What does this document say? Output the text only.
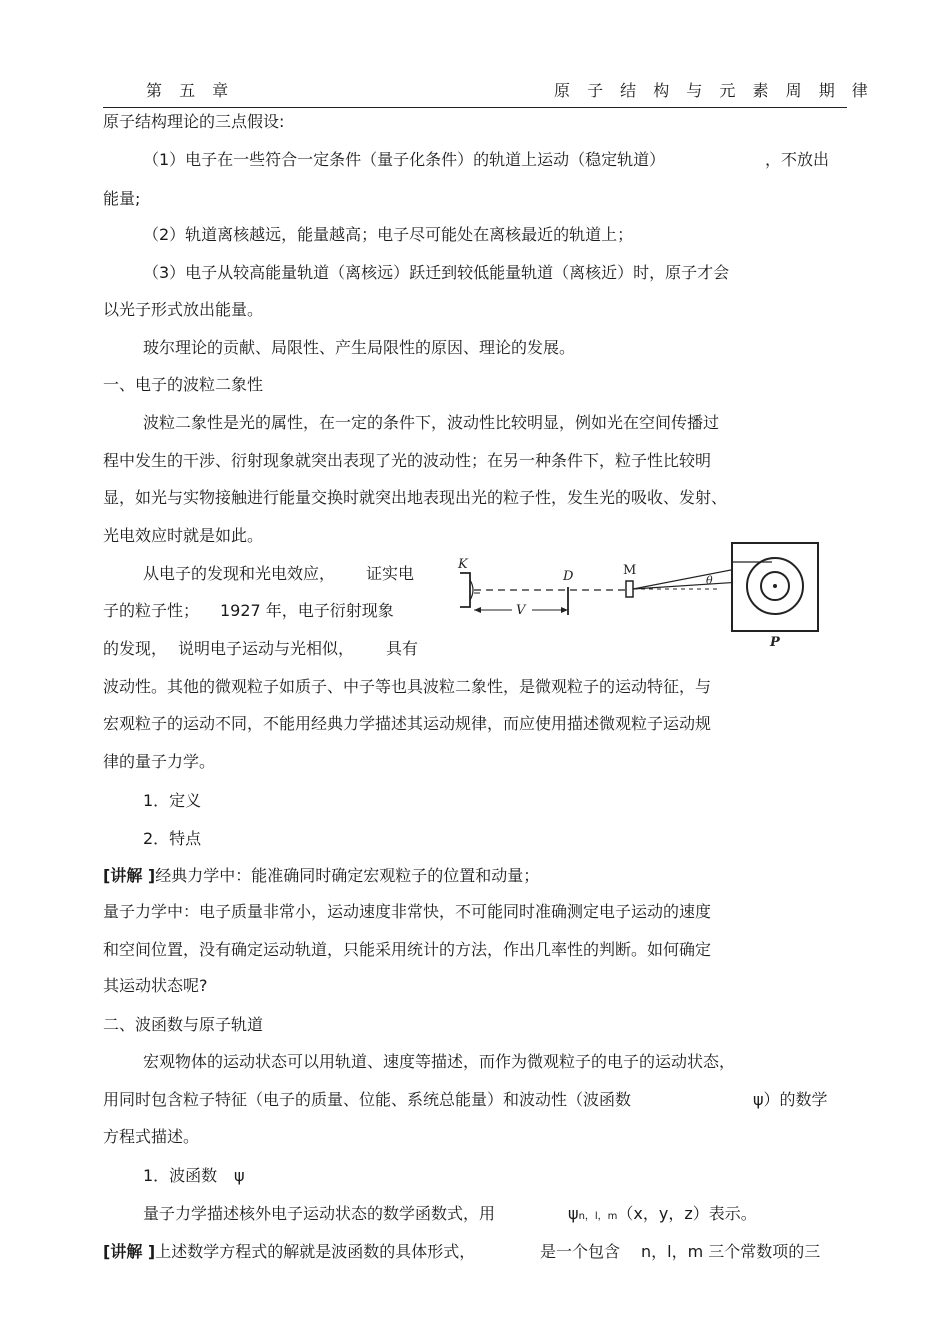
第 五 章	原 子 结 构 与 元 素 周 期 律
原子结构理论的三点假设:
（1）电子在一些符合一定条件（量子化条件）的轨道上运动（稳定轨道）	，不放出
能量;
（2）轨道离核越远，能量越高；电子尽可能处在离核最近的轨道上；
（3）电子从较高能量轨道（离核远）跃迁到较低能量轨道（离核近）时，原子才会
以光子形式放出能量。
玻尔理论的贡献、局限性、产生局限性的原因、理论的发展。
一、电子的波粒二象性
波粒二象性是光的属性，在一定的条件下，波动性比较明显，例如光在空间传播过
程中发生的干涉、衍射现象就突出表现了光的波动性；在另一种条件下，粒子性比较明
显，如光与实物接触进行能量交换时就突出地表现出光的粒子性，发生光的吸收、发射、
光电效应时就是如此。
从电子的发现和光电效应， 证实电
子的粒子性； 1927 年，电子衍射现象
的发现， 说明电子运动与光相似， 具有
K
D
V
M
θ
P
波动性。其他的微观粒子如质子、中子等也具波粒二象性，是微观粒子的运动特征，与
宏观粒子的运动不同，不能用经典力学描述其运动规律，而应使用描述微观粒子运动规
律的量子力学。
1．定义
2．特点
[讲解 ]经典力学中：能准确同时确定宏观粒子的位置和动量；
量子力学中：电子质量非常小，运动速度非常快，不可能同时准确测定电子运动的速度
和空间位置，没有确定运动轨道，只能采用统计的方法，作出几率性的判断。如何确定
其运动状态呢?
二、波函数与原子轨道
宏观物体的运动状态可以用轨道、速度等描述，而作为微观粒子的电子的运动状态，
用同时包含粒子特征（电子的质量、位能、系统总能量）和波动性（波函数	ψ）的数学
方程式描述。
1．波函数 ψ
量子力学描述核外电子运动状态的数学函数式，用	ψn，l，m（x，y，z）表示。
[讲解 ]上述数学方程式的解就是波函数的具体形式，	是一个包含 n，l，m 三个常数项的三
